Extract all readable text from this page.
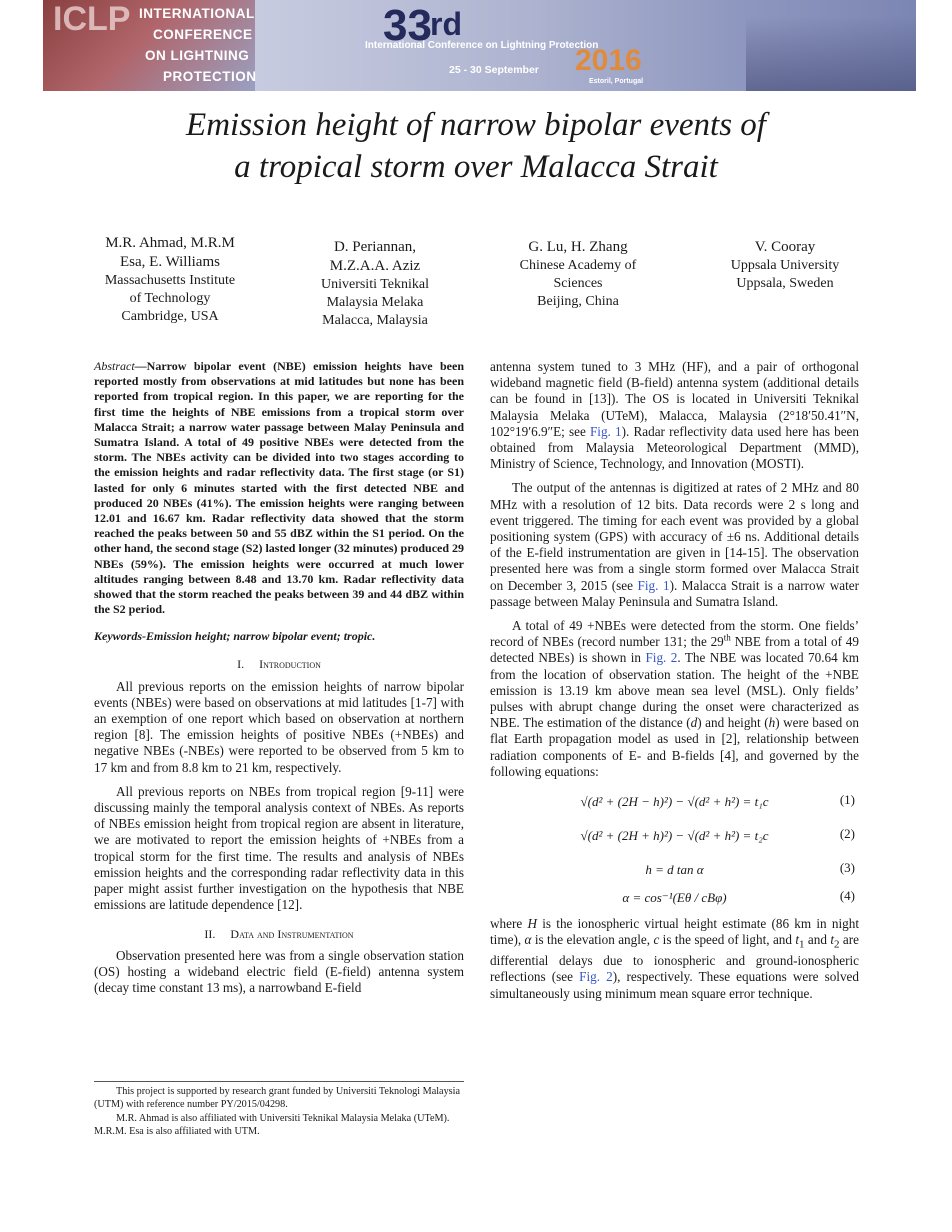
ICLP INTERNATIONAL
CONFERENCE
ON LIGHTNING
PROTECTION
33
rd
International Conference on Lightning Protection
2016
25 - 30 September
Estoril, Portugal
Emission height of narrow bipolar events of
a tropical storm over Malacca Strait
M.R. Ahmad, M.R.M
Esa, E. Williams
Massachusetts Institute
of Technology
Cambridge, USA
D. Periannan,
M.Z.A.A. Aziz
Universiti Teknikal
Malaysia Melaka
Malacca, Malaysia
G. Lu, H. Zhang
Chinese Academy of
Sciences
Beijing, China
V. Cooray
Uppsala University
Uppsala, Sweden

Abstract—Narrow bipolar event (NBE) emission heights have been reported mostly from observations at mid latitudes but none has been reported from tropical region. In this paper, we are reporting for the first time the heights of NBE emissions from a tropical storm over Malacca Strait; a narrow water passage between Malay Peninsula and Sumatra Island. A total of 49 positive NBEs were detected from the storm. The NBEs activity can be divided into two stages according to the emission heights and radar reflectivity data. The first stage (or S1) lasted for only 6 minutes started with the first detected NBE and produced 20 NBEs (41%). The emission heights were ranging between 12.01 and 16.67 km. Radar reflectivity data showed that the storm reached the peaks between 50 and 55 dBZ within the S1 period. On the other hand, the second stage (S2) lasted longer (32 minutes) produced 29 NBEs (59%). The emission heights were occurred at much lower altitudes ranging between 8.48 and 13.70 km. Radar reflectivity data showed that the storm reached the peaks between 39 and 44 dBZ within the S2 period.

Keywords-Emission height; narrow bipolar event; tropic.

I. Introduction

All previous reports on the emission heights of narrow bipolar events (NBEs) were based on observations at mid latitudes [1-7] with an exemption of one report which based on observation at northern region [8]. The emission heights of positive NBEs (+NBEs) and negative NBEs (-NBEs) were reported to be observed from 5 km to 17 km and from 8.8 km to 21 km, respectively.

All previous reports on NBEs from tropical region [9-11] were discussing mainly the temporal analysis context of NBEs. As reports of NBEs emission height from tropical region are absent in literature, we are motivated to report the emission heights of +NBEs from a tropical storm for the first time. The results and analysis of NBEs emission heights and the corresponding radar reflectivity data in this paper might assist further investigation on the hypothesis that NBE emissions are latitude dependence [12].

II. Data and Instrumentation

Observation presented here was from a single observation station (OS) hosting a wideband electric field (E-field) antenna system (decay time constant 13 ms), a narrowband E-field

antenna system tuned to 3 MHz (HF), and a pair of orthogonal wideband magnetic field (B-field) antenna system (additional details can be found in [13]). The OS is located in Universiti Teknikal Malaysia Melaka (UTeM), Malacca, Malaysia (2°18′50.41″N, 102°19′6.9″E; see Fig. 1). Radar reflectivity data used here has been obtained from Malaysia Meteorological Department (MMD), Ministry of Science, Technology, and Innovation (MOSTI).

The output of the antennas is digitized at rates of 2 MHz and 80 MHz with a resolution of 12 bits. Data records were 2 s long and event triggered. The timing for each event was provided by a global positioning system (GPS) with accuracy of ±6 ns. Additional details of the E-field instrumentation are given in [14-15]. The observation presented here was from a single storm formed over Malacca Strait on December 3, 2015 (see Fig. 1). Malacca Strait is a narrow water passage between Malay Peninsula and Sumatra Island.

A total of 49 +NBEs were detected from the storm. One fields’ record of NBEs (record number 131; the 29th NBE from a total of 49 detected NBEs) is shown in Fig. 2. The NBE was located 70.64 km from the location of observation station. The height of the +NBE emission is 13.19 km above mean sea level (MSL). Only fields’ pulses with abrupt change during the onset were characterized as NBE. The estimation of the distance (d) and height (h) were based on flat Earth propagation model as used in [2], relationship between radiation components of E- and B-fields [4], and governed by the following equations:

√(d² + (2H − h)²) − √(d² + h²) = t₁c	(1)
√(d² + (2H + h)²) − √(d² + h²) = t₂c	(2)
h = d tan α	(3)
α = cos⁻¹(Eθ / cBφ)	(4)

where H is the ionospheric virtual height estimate (86 km in night time), α is the elevation angle, c is the speed of light, and $t_1$ and $t_2$ are differential delays due to ionospheric and ground-ionospheric reflections (see Fig. 2), respectively. These equations were solved simultaneously using minimum mean square error technique.

This project is supported by research grant funded by Universiti Teknologi Malaysia (UTM) with reference number PY/2015/04298.

M.R. Ahmad is also affiliated with Universiti Teknikal Malaysia Melaka (UTeM). M.R.M. Esa is also affiliated with UTM.
